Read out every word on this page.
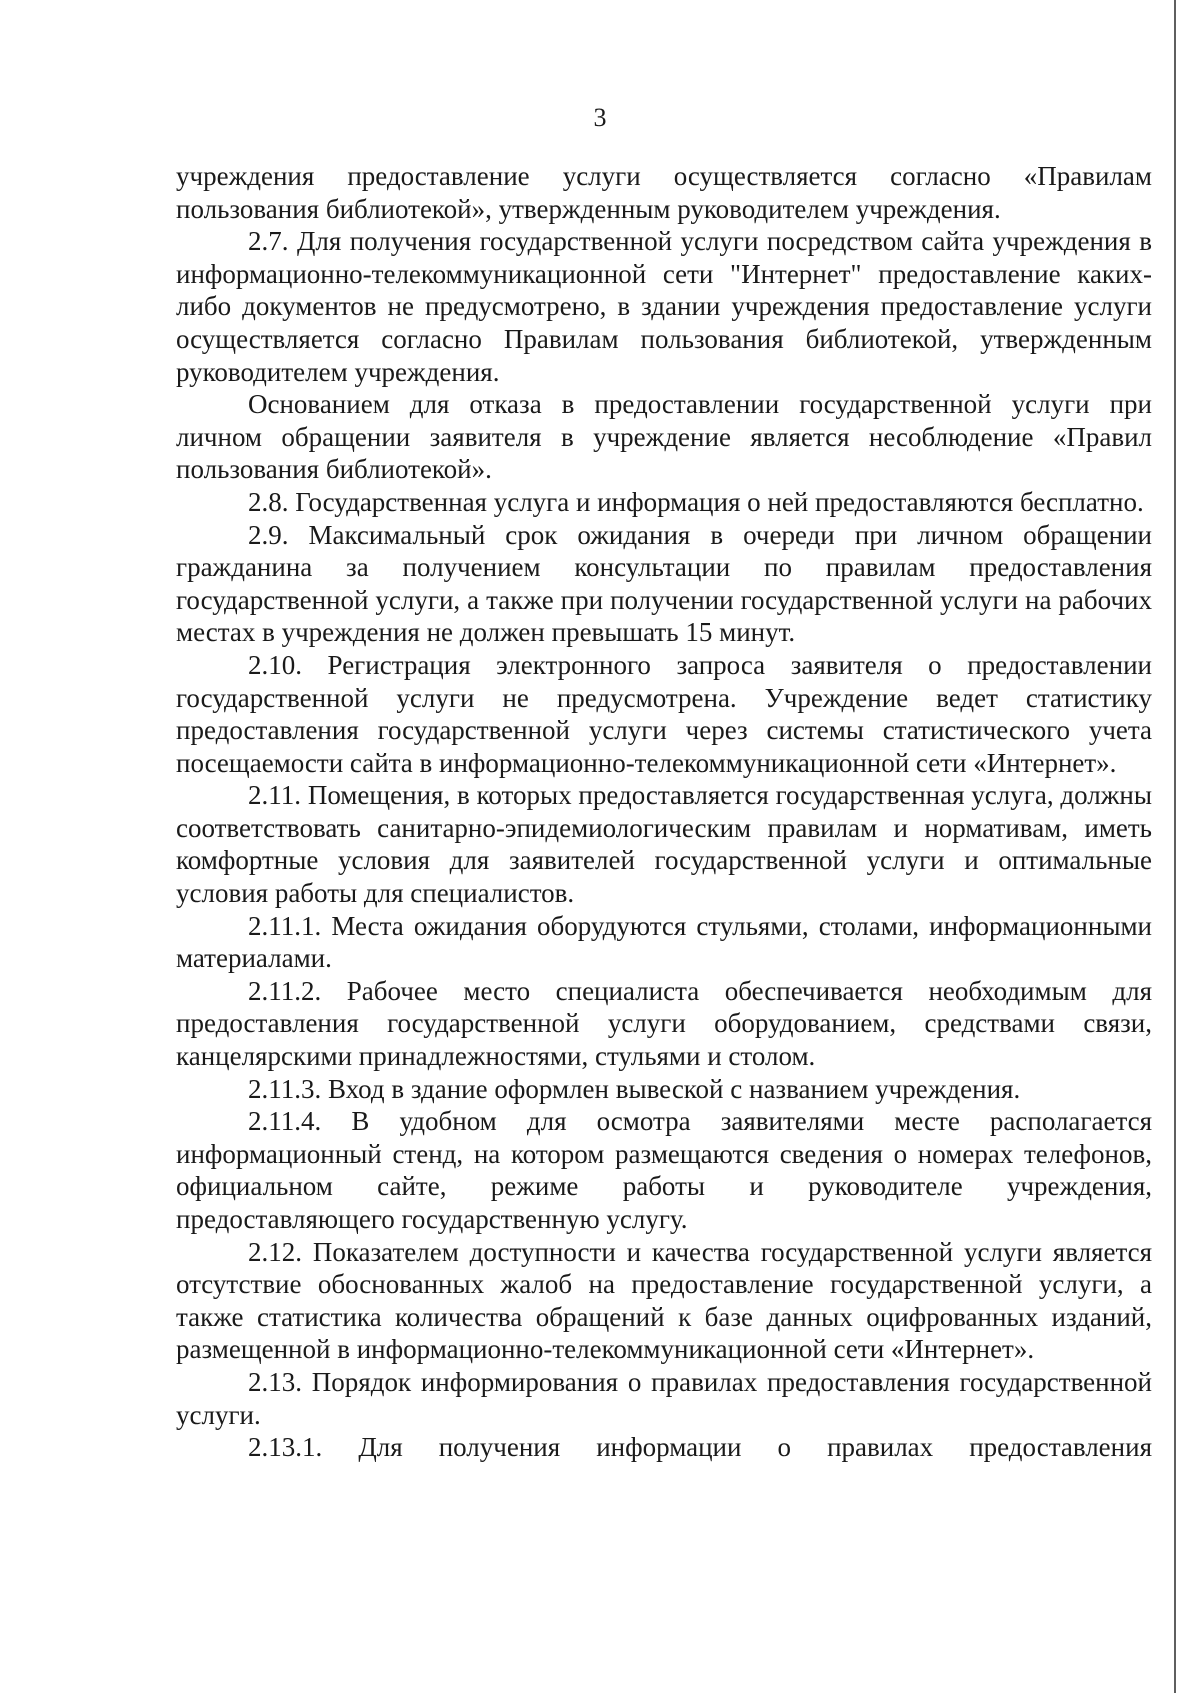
3

учреждения предоставление услуги осуществляется согласно «Правилам пользования библиотекой», утвержденным руководителем учреждения.

2.7. Для получения государственной услуги посредством сайта учреждения в информационно-телекоммуникационной сети "Интернет" предоставление каких-либо документов не предусмотрено, в здании учреждения предоставление услуги осуществляется согласно Правилам пользования библиотекой, утвержденным руководителем учреждения.

Основанием для отказа в предоставлении государственной услуги при личном обращении заявителя в учреждение является несоблюдение «Правил пользования библиотекой».

2.8. Государственная услуга и информация о ней предоставляются бесплатно.

2.9. Максимальный срок ожидания в очереди при личном обращении гражданина за получением консультации по правилам предоставления государственной услуги, а также при получении государственной услуги на рабочих местах в учреждения не должен превышать 15 минут.

2.10. Регистрация электронного запроса заявителя о предоставлении государственной услуги не предусмотрена. Учреждение ведет статистику предоставления государственной услуги через системы статистического учета посещаемости сайта в информационно-телекоммуникационной сети «Интернет».

2.11. Помещения, в которых предоставляется государственная услуга, должны соответствовать санитарно-эпидемиологическим правилам и нормативам, иметь комфортные условия для заявителей государственной услуги и оптимальные условия работы для специалистов.

2.11.1. Места ожидания оборудуются стульями, столами, информационными материалами.

2.11.2. Рабочее место специалиста обеспечивается необходимым для предоставления государственной услуги оборудованием, средствами связи, канцелярскими принадлежностями, стульями и столом.

2.11.3. Вход в здание оформлен вывеской с названием учреждения.

2.11.4. В удобном для осмотра заявителями месте располагается информационный стенд, на котором размещаются сведения о номерах телефонов, официальном сайте, режиме работы и руководителе учреждения, предоставляющего государственную услугу.

2.12. Показателем доступности и качества государственной услуги является отсутствие обоснованных жалоб на предоставление государственной услуги, а также статистика количества обращений к базе данных оцифрованных изданий, размещенной в информационно-телекоммуникационной сети «Интернет».

2.13. Порядок информирования о правилах предоставления государственной услуги.

2.13.1. Для получения информации о правилах предоставления
